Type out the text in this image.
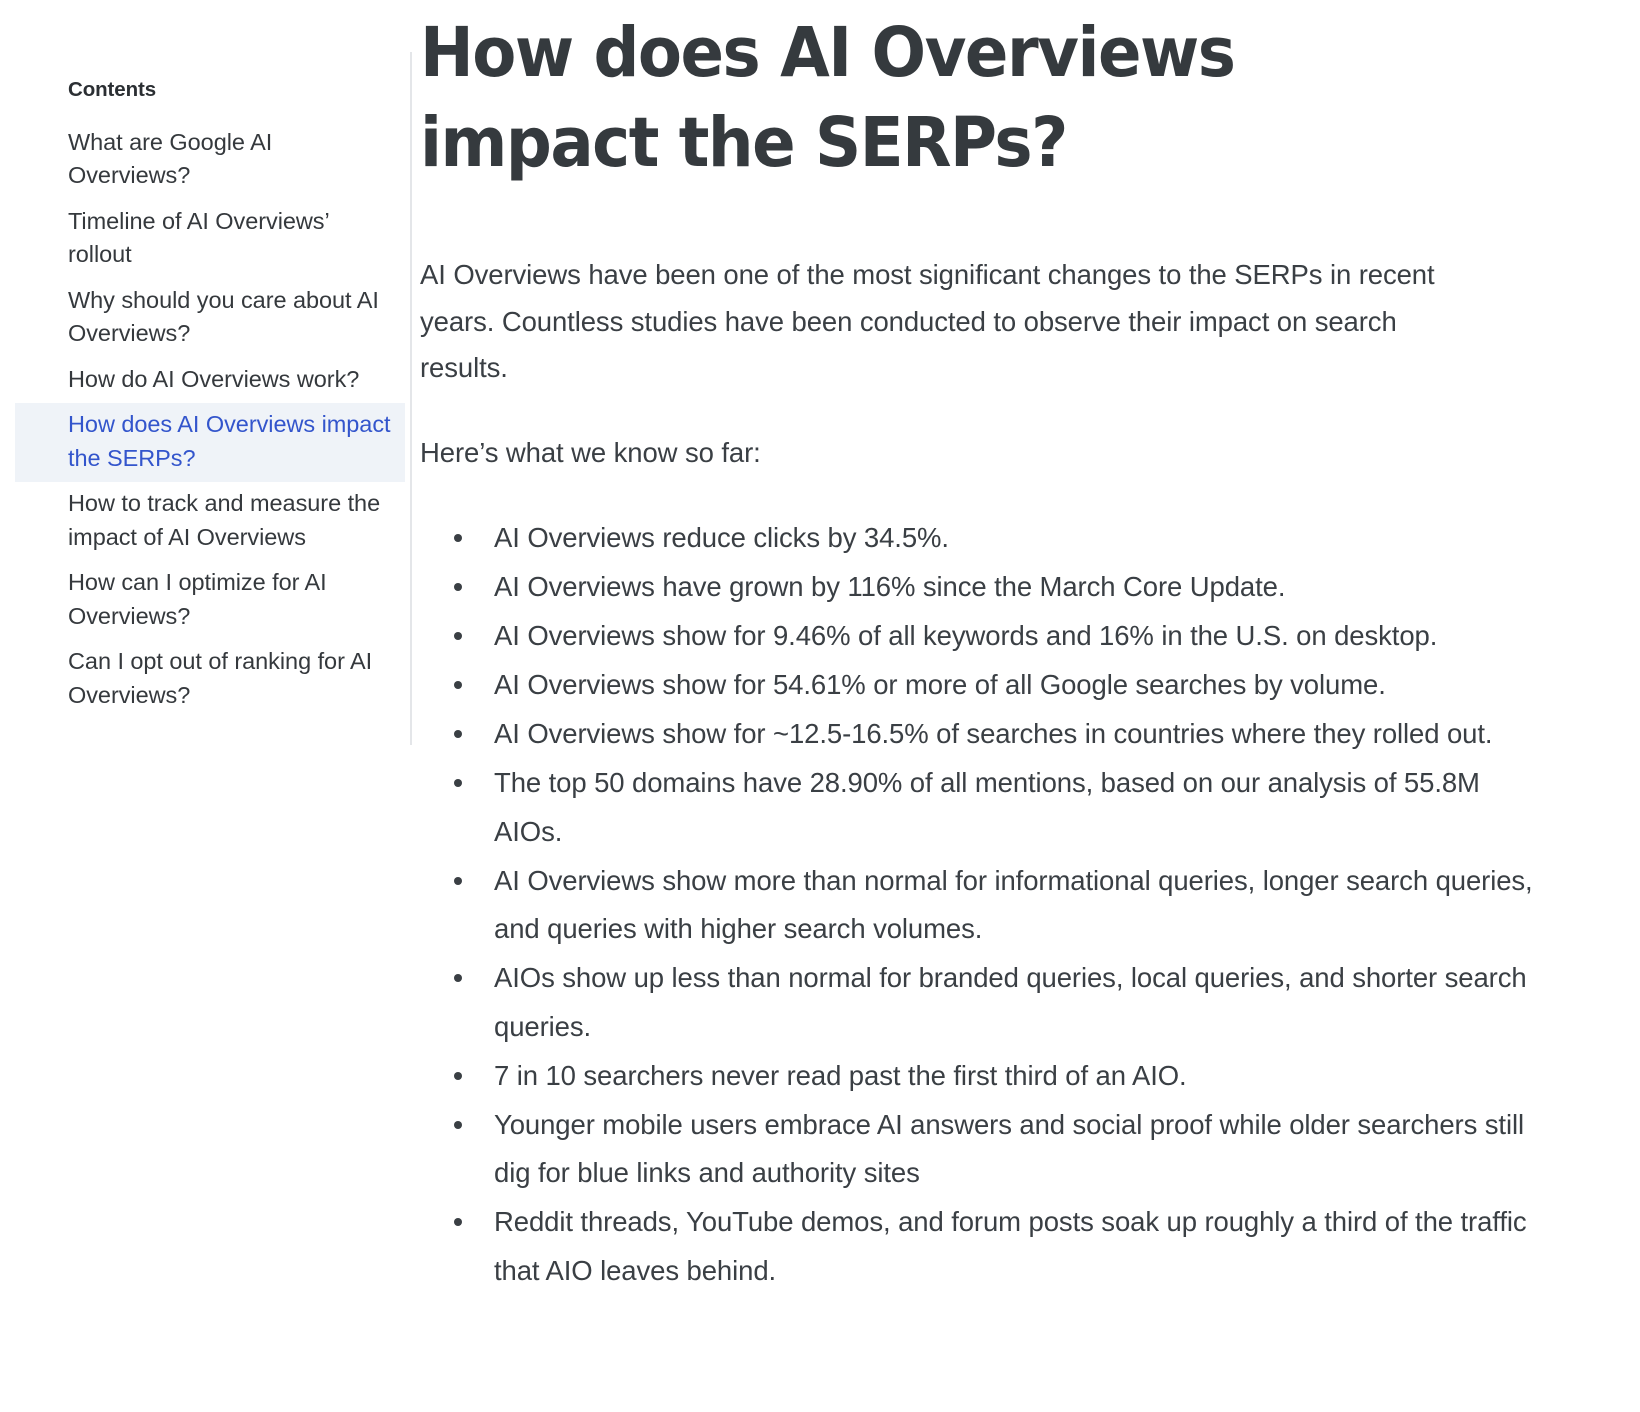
Contents
What are Google AI Overviews?
Timeline of AI Overviews’ rollout
Why should you care about AI Overviews?
How do AI Overviews work?
How does AI Overviews impact the SERPs?
How to track and measure the impact of AI Overviews
How can I optimize for AI Overviews?
Can I opt out of ranking for AI Overviews?
How does AI Overviews impact the SERPs?

AI Overviews have been one of the most significant changes to the SERPs in recent years. Countless studies have been conducted to observe their impact on search results.

Here’s what we know so far:

AI Overviews reduce clicks by 34.5%.
AI Overviews have grown by 116% since the March Core Update.
AI Overviews show for 9.46% of all keywords and 16% in the U.S. on desktop.
AI Overviews show for 54.61% or more of all Google searches by volume.
AI Overviews show for ~12.5-16.5% of searches in countries where they rolled out.
The top 50 domains have 28.90% of all mentions, based on our analysis of 55.8M AIOs.
AI Overviews show more than normal for informational queries, longer search queries, and queries with higher search volumes.
AIOs show up less than normal for branded queries, local queries, and shorter search queries.
7 in 10 searchers never read past the first third of an AIO.
Younger mobile users embrace AI answers and social proof while older searchers still dig for blue links and authority sites
Reddit threads, YouTube demos, and forum posts soak up roughly a third of the traffic that AIO leaves behind.
